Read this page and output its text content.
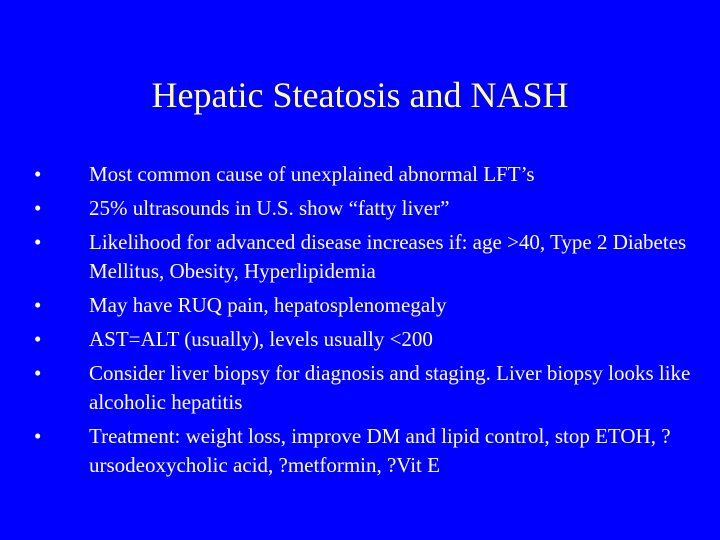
Hepatic Steatosis and NASH
• Most common cause of unexplained abnormal LFT’s
• 25% ultrasounds in U.S. show “fatty liver”
• Likelihood for advanced disease increases if: age >40, Type 2 Diabetes Mellitus, Obesity, Hyperlipidemia
• May have RUQ pain, hepatosplenomegaly
• AST=ALT (usually), levels usually <200
• Consider liver biopsy for diagnosis and staging. Liver biopsy looks like alcoholic hepatitis
• Treatment: weight loss, improve DM and lipid control, stop ETOH, ?ursodeoxycholic acid, ?metformin, ?Vit E
